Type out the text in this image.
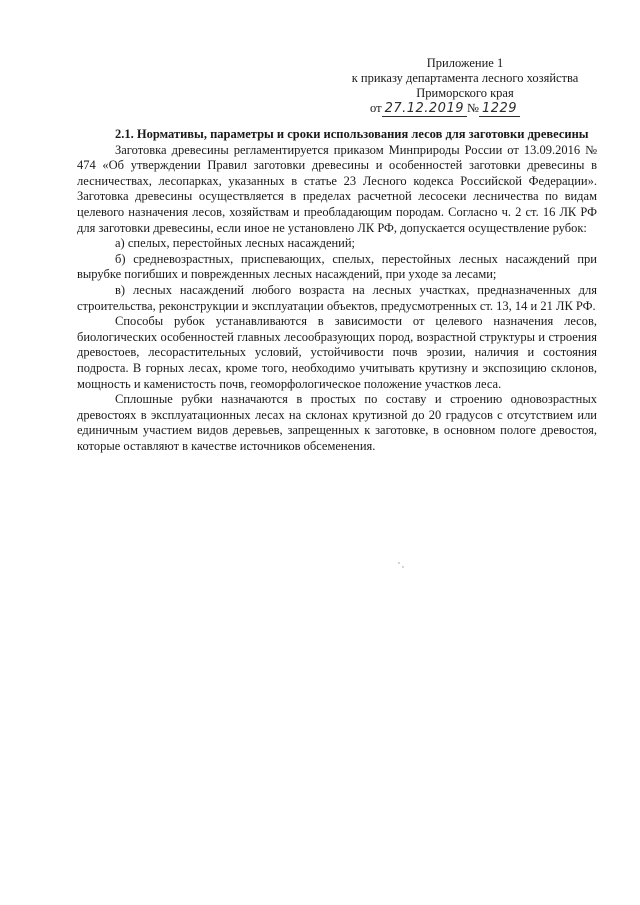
Приложение 1
к приказу департамента лесного хозяйства
Приморского края
от 27.12.2019 № 1229

2.1. Нормативы, параметры и сроки использования лесов для заготовки древесины

Заготовка древесины регламентируется приказом Минприроды России от 13.09.2016 № 474 «Об утверждении Правил заготовки древесины и особенностей заготовки древесины в лесничествах, лесопарках, указанных в статье 23 Лесного кодекса Российской Федерации». Заготовка древесины осуществляется в пределах расчетной лесосеки лесничества по видам целевого назначения лесов, хозяйствам и преобладающим породам. Согласно ч. 2 ст. 16 ЛК РФ для заготовки древесины, если иное не установлено ЛК РФ, допускается осуществление рубок:

а) спелых, перестойных лесных насаждений;

б) средневозрастных, приспевающих, спелых, перестойных лесных насаждений при вырубке погибших и поврежденных лесных насаждений, при уходе за лесами;

в) лесных насаждений любого возраста на лесных участках, предназначенных для строительства, реконструкции и эксплуатации объектов, предусмотренных ст. 13, 14 и 21 ЛК РФ.

Способы рубок устанавливаются в зависимости от целевого назначения лесов, биологических особенностей главных лесообразующих пород, возрастной структуры и строения древостоев, лесорастительных условий, устойчивости почв эрозии, наличия и состояния подроста. В горных лесах, кроме того, необходимо учитывать крутизну и экспозицию склонов, мощность и каменистость почв, геоморфологическое положение участков леса.

Сплошные рубки назначаются в простых по составу и строению одновозрастных древостоях в эксплуатационных лесах на склонах крутизной до 20 градусов с отсутствием или единичным участием видов деревьев, запрещенных к заготовке, в основном пологе древостоя, которые оставляют в качестве источников обсеменения.
